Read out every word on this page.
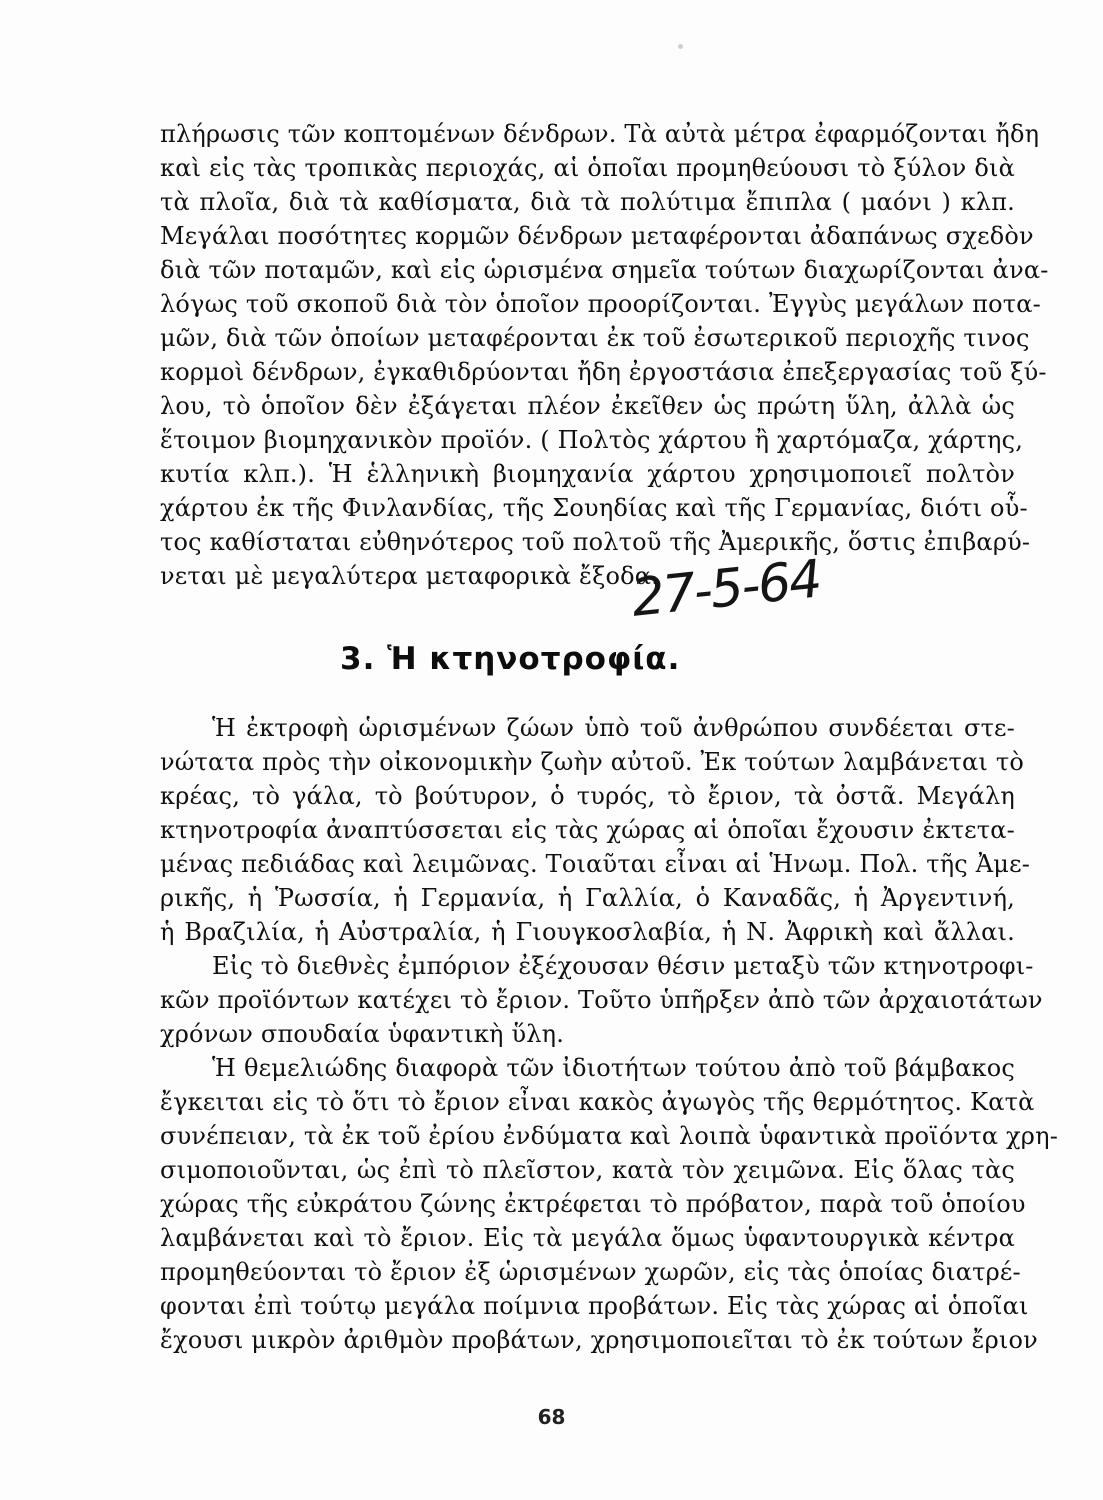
πλήρωσις τῶν κοπτομένων δένδρων. Τὰ αὐτὰ μέτρα ἐφαρμόζονται ἤδη
καὶ εἰς τὰς τροπικὰς περιοχάς, αἱ ὁποῖαι προμηθεύουσι τὸ ξύλον διὰ
τὰ πλοῖα, διὰ τὰ καθίσματα, διὰ τὰ πολύτιμα ἔπιπλα ( μαόνι ) κλπ.
Μεγάλαι ποσότητες κορμῶν δένδρων μεταφέρονται ἀδαπάνως σχεδὸν
διὰ τῶν ποταμῶν, καὶ εἰς ὡρισμένα σημεῖα τούτων διαχωρίζονται ἀνα-
λόγως τοῦ σκοποῦ διὰ τὸν ὁποῖον προορίζονται. Ἐγγὺς μεγάλων ποτα-
μῶν, διὰ τῶν ὁποίων μεταφέρονται ἐκ τοῦ ἐσωτερικοῦ περιοχῆς τινος
κορμοὶ δένδρων, ἐγκαθιδρύονται ἤδη ἐργοστάσια ἐπεξεργασίας τοῦ ξύ-
λου, τὸ ὁποῖον δὲν ἐξάγεται πλέον ἐκεῖθεν ὡς πρώτη ὕλη, ἀλλὰ ὡς
ἕτοιμον βιομηχανικὸν προϊόν. ( Πολτὸς χάρτου ἢ χαρτόμαζα, χάρτης,
κυτία κλπ.). Ἡ ἑλληνικὴ βιομηχανία χάρτου χρησιμοποιεῖ πολτὸν
χάρτου ἐκ τῆς Φινλανδίας, τῆς Σουηδίας καὶ τῆς Γερμανίας, διότι οὗ-
τος καθίσταται εὐθηνότερος τοῦ πολτοῦ τῆς Ἀμερικῆς, ὅστις ἐπιβαρύ-
νεται μὲ μεγαλύτερα μεταφορικὰ ἔξοδα.
27-5-64
3. Ἡ κτηνοτροφία.
Ἡ ἐκτροφὴ ὡρισμένων ζώων ὑπὸ τοῦ ἀνθρώπου συνδέεται στε-
νώτατα πρὸς τὴν οἰκονομικὴν ζωὴν αὐτοῦ. Ἐκ τούτων λαμβάνεται τὸ
κρέας, τὸ γάλα, τὸ βούτυρον, ὁ τυρός, τὸ ἔριον, τὰ ὀστᾶ. Μεγάλη
κτηνοτροφία ἀναπτύσσεται εἰς τὰς χώρας αἱ ὁποῖαι ἔχουσιν ἐκτετα-
μένας πεδιάδας καὶ λειμῶνας. Τοιαῦται εἶναι αἱ Ἡνωμ. Πολ. τῆς Ἀμε-
ρικῆς, ἡ Ῥωσσία, ἡ Γερμανία, ἡ Γαλλία, ὁ Καναδᾶς, ἡ Ἀργεντινή,
ἡ Βραζιλία, ἡ Αὐστραλία, ἡ Γιουγκοσλαβία, ἡ Ν. Ἀφρικὴ καὶ ἄλλαι.
Εἰς τὸ διεθνὲς ἐμπόριον ἐξέχουσαν θέσιν μεταξὺ τῶν κτηνοτροφι-
κῶν προϊόντων κατέχει τὸ ἔριον. Τοῦτο ὑπῆρξεν ἀπὸ τῶν ἀρχαιοτάτων
χρόνων σπουδαία ὑφαντικὴ ὕλη.
Ἡ θεμελιώδης διαφορὰ τῶν ἰδιοτήτων τούτου ἀπὸ τοῦ βάμβακος
ἔγκειται εἰς τὸ ὅτι τὸ ἔριον εἶναι κακὸς ἀγωγὸς τῆς θερμότητος. Κατὰ
συνέπειαν, τὰ ἐκ τοῦ ἐρίου ἐνδύματα καὶ λοιπὰ ὑφαντικὰ προϊόντα χρη-
σιμοποιοῦνται, ὡς ἐπὶ τὸ πλεῖστον, κατὰ τὸν χειμῶνα. Εἰς ὅλας τὰς
χώρας τῆς εὐκράτου ζώνης ἐκτρέφεται τὸ πρόβατον, παρὰ τοῦ ὁποίου
λαμβάνεται καὶ τὸ ἔριον. Εἰς τὰ μεγάλα ὅμως ὑφαντουργικὰ κέντρα
προμηθεύονται τὸ ἔριον ἐξ ὡρισμένων χωρῶν, εἰς τὰς ὁποίας διατρέ-
φονται ἐπὶ τούτῳ μεγάλα ποίμνια προβάτων. Εἰς τὰς χώρας αἱ ὁποῖαι
ἔχουσι μικρὸν ἀριθμὸν προβάτων, χρησιμοποιεῖται τὸ ἐκ τούτων ἔριον
68
